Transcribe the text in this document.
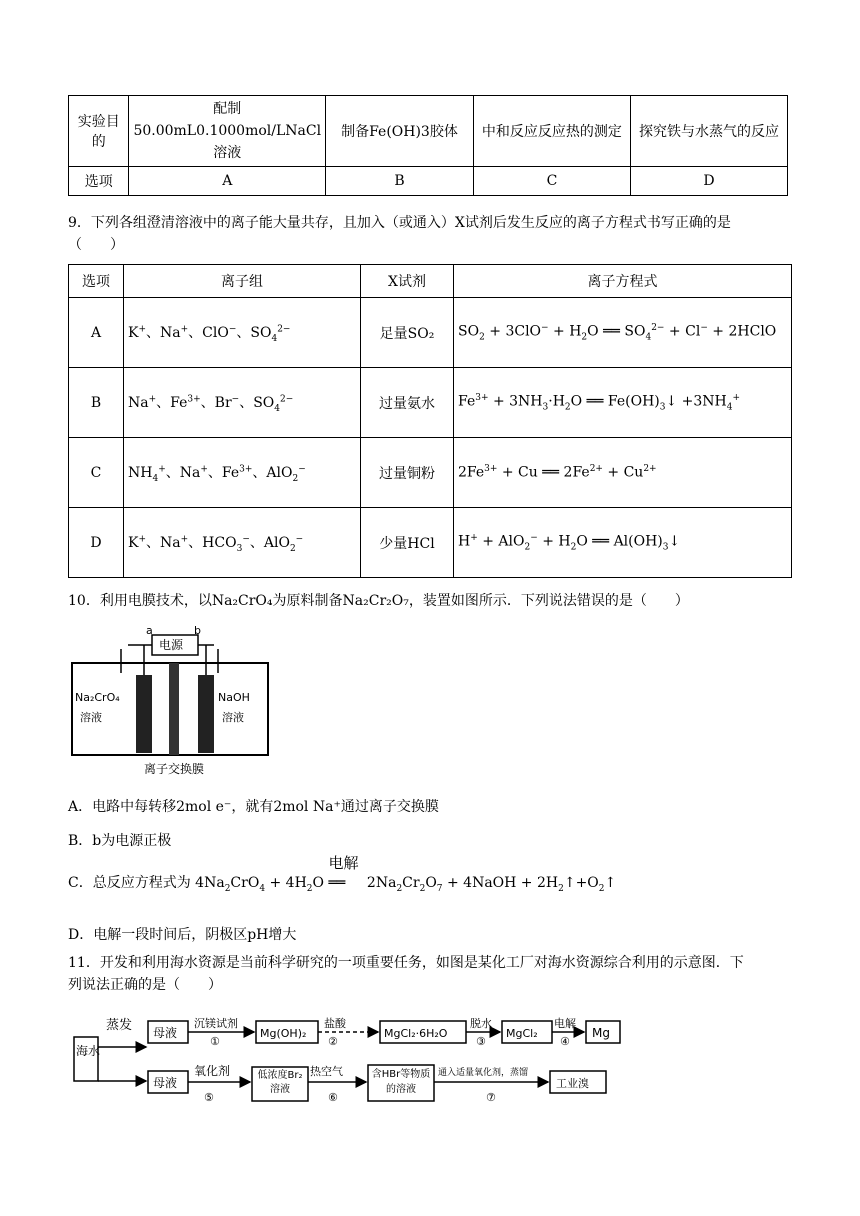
实验目的	配制50.00mL0.1000mol/LNaCl溶液	制备Fe(OH)3胶体	中和反应反应热的测定	探究铁与水蒸气的反应
选项	A	B	C	D
9．下列各组澄清溶液中的离子能大量共存，且加入（或通入）X试剂后发生反应的离子方程式书写正确的是
（　　）
选项	离子组	X试剂	离子方程式
A	K+、Na+、ClO−、$SO_4^{2-}$	足量SO₂	$SO_2 + 3ClO^- + H_2O$ ══ $SO_4^{2-} + Cl^-$ + 2HClO
B	Na+、$Fe^{3+}$、Br−、$SO_4^{2-}$	过量氨水	$Fe^{3+} + 3NH_3\cdot H_2O$ ══ $Fe(OH)_3↓ +3NH_4^+$
C	$NH_4^+$、Na+、$Fe^{3+}$、AlO$_2$−	过量铜粉	$2Fe^{3+} + Cu$ ══ $2Fe^{2+} + Cu^{2+}$
D	K+、Na+、$HCO_3^-$、AlO$_2$−	少量HCl	$H^+ + AlO_2^- + H_2O$ ══ $Al(OH)_3↓$
10．利用电膜技术，以Na₂CrO₄为原料制备Na₂Cr₂O₇，装置如图所示．下列说法错误的是（　　）
a	b
电源
Na₂CrO₄
溶液
NaOH
溶液
离子交换膜
A．电路中每转移2mol e⁻，就有2mol Na⁺通过离子交换膜
B．b为电源正极
C．总反应方程式为 $4Na_2CrO_4 + 4H_2O$
电解
══ $2Na_2Cr_2O_7$ + 4NaOH + $2H_2↑+O_2↑$
D．电解一段时间后，阴极区pH增大
11．开发和利用海水资源是当前科学研究的一项重要任务，如图是某化工厂对海水资源综合利用的示意图．下
列说法正确的是（　　）
海水
蒸发 母液
沉镁试剂
①
Mg(OH)₂
盐酸
②
MgCl₂·6H₂O
脱水
③
MgCl₂
电解
④
Mg
母液
氧化剂
⑤
低浓度Br₂溶液
热空气
⑥
含HBr等物质的溶液
通入适量氧化剂，蒸馏
⑦
工业溴
